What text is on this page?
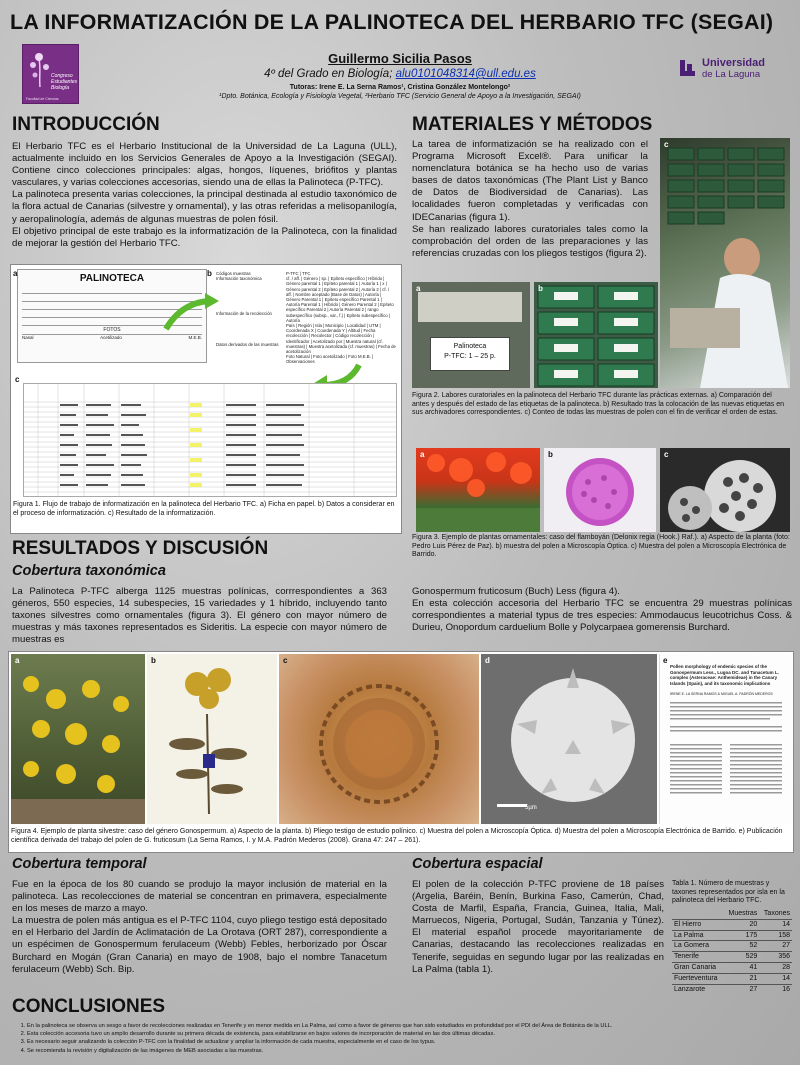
LA INFORMATIZACIÓN DE LA PALINOTECA DEL HERBARIO TFC (SEGAI)
Congreso
Estudiantes
Biología
Facultad de Ciencias
Guillermo Sicilia Pasos
4º del Grado en Biología; alu0101048314@ull.edu.es
Tutoras: Irene E. La Serna Ramos¹, Cristina González Montelongo²
¹Dpto. Botánica, Ecología y Fisiología Vegetal, ²Herbario TFC (Servicio General de Apoyo a la Investigación, SEGAI)
Universidad
de La Laguna
INTRODUCCIÓN

El Herbario TFC es el Herbario Institucional de la Universidad de La Laguna (ULL), actualmente incluido en los Servicios Generales de Apoyo a la Investigación (SEGAI). Contiene cinco colecciones principales: algas, hongos, líquenes, briófitos y plantas vasculares, y varias colecciones accesorias, siendo una de ellas la Palinoteca (P-TFC).

La palinoteca presenta varias colecciones, la principal destinada al estudio taxonómico de la flora actual de Canarias (silvestre y ornamental), y las otras referidas a melisopanilogía, y aeropalinología, además de algunas muestras de polen fósil.

El objetivo principal de este trabajo es la informatización de la Palinoteca, con la finalidad de mejorar la gestión del Herbario TFC.

PALINOTECA
FOTOS
Nasal	Acetilizado	M.E.B.
a	b Códigos muestras
Información taxonómica
Información de la recolección
Datos derivados de las muestras
P-TFC | TFC
cf. / aff. | Género | sp. | Epíteto específico | Híbrido | Género parental 1 | Epíteto parental 1 | Autoría 1 | x | Género parental 2 | Epíteto parental 2 | Autoría 2 | cf. / aff. | Nombre aceptado (Base de Datos) | Autoría | Género Parental 1 | Epíteto específico Parental 1 | Autoría Parental 1 | Híbrido | Género Parental 2 | Epíteto específico Parental 2 | Autoría Parental 2 | rango subespecífico (subsp., var., f.) | Epíteto subespecífico | Autoría
País | Región | Isla | Municipio | Localidad | UTM | Coordenada X | Coordenada Y | Altitud | Fecha recolección | Recolector | Código recolección | Identificador | Acetolizado por | Muestra natural (cf. muestras) | Muestra acetolizada (cf. muestras) | Fecha de acetolización
Foto Natural | Foto acetolizado | Foto M.E.B. | Observaciones
c
Figura 1. Flujo de trabajo de informatización en la palinoteca del Herbario TFC. a) Ficha en papel. b) Datos a considerar en el proceso de informatización. c) Resultado de la informatización.
MATERIALES Y MÉTODOS

La tarea de informatización se ha realizado con el Programa Microsoft Excel®. Para unificar la nomenclatura botánica se ha hecho uso de varias bases de datos taxonómicas (The Plant List y Banco de Datos de Biodiversidad de Canarias). Las localidades fueron completadas y verificadas con IDECanarias (figura 1).

Se han realizado labores curatoriales tales como la comprobación del orden de las preparaciones y las referencias cruzadas con los pliegos testigos (figura 2).

c
Palinoteca
P-TFC: 1 – 25 p.
a	b
Figura 2. Labores curatoriales en la palinoteca del Herbario TFC durante las prácticas externas. a) Comparación del antes y después del estado de las etiquetas de la palinoteca. b) Resultado tras la colocación de las nuevas etiquetas en sus archivadores correspondientes. c) Conteo de todas las muestras de polen con el fin de verificar el orden de estas.
a	b	c
Figura 3. Ejemplo de plantas ornamentales: caso del flamboyán (Delonix regia (Hook.) Raf.). a) Aspecto de la planta (foto: Pedro Luis Pérez de Paz). b) muestra del polen a Microscopía Óptica. c) Muestra del polen a Microscopía Electrónica de Barrido.
RESULTADOS Y DISCUSIÓN
Cobertura taxonómica
La Palinoteca P-TFC alberga 1125 muestras polínicas, corrrespondientes a 363 géneros, 550 especies, 14 subespecies, 15 variedades y 1 híbrido, incluyendo tanto taxones silvestres como ornamentales (figura 3). El género con mayor número de muestras y más taxones representados es Sideritis. La especie con mayor número de muestras es

Gonospermum fruticosum (Buch) Less (figura 4).

En esta colección accesoria del Herbario TFC se encuentra 29 muestras polínicas correspondientes a material typus de tres especies: Ammodaucus leucotrichus Coss. & Durieu, Onopordum carduelium Bolle y Polycarpaea gomerensis Burchard.

a	b	c
5µm
d
Pollen morphology of endemic species of the Gonospermum Less., Lugoa DC. and Tanacetum L. complex (Asteraceae: Anthemideae) in the Canary Islands (Spain), and its taxonomic implications
IRENE E. LA SERNA RAMOS & MIGUEL A. PADRÓN MEDEROS
e
Figura 4. Ejemplo de planta silvestre: caso del género Gonospermum. a) Aspecto de la planta. b) Pliego testigo de estudio polínico. c) Muestra del polen a Microscopía Óptica. d) Muestra del polen a Microscopía Electrónica de Barrido. e) Publicación científica derivada del trabajo del polen de G. fruticosum (La Serna Ramos, I. y M.A. Padrón Mederos (2008). Grana 47: 247 – 261).
Cobertura temporal

Fue en la época de los 80 cuando se produjo la mayor inclusión de material en la palinoteca. Las recolecciones de material se concentran en primavera, especialmente en los meses de marzo a mayo.

La muestra de polen más antigua es el P-TFC 1104, cuyo pliego testigo está depositado en el Herbario del Jardín de Aclimatación de La Orotava (ORT 287), correspondiente a un espécimen de Gonospermum ferulaceum (Webb) Febles, herborizado por Óscar Burchard en Mogán (Gran Canaria) en mayo de 1908, bajo el nombre Tanacetum ferulaceum (Webb) Sch. Bip.

Cobertura espacial
El polen de la colección P-TFC proviene de 18 países (Argelia, Baréin, Benín, Burkina Faso, Camerún, Chad, Costa de Marfil, España, Francia, Guinea, Italia, Mali, Marruecos, Nigeria, Portugal, Sudán, Tanzania y Túnez). El material español procede mayoritariamente de Canarias, destacando las recolecciones realizadas en Tenerife, seguidas en segundo lugar por las realizadas en La Palma (tabla 1).
Tabla 1. Número de muestras y taxones representados por isla en la palinoteca del Herbario TFC.
	Muestras	Taxones
El Hierro	20	14
La Palma	175	158
La Gomera	52	27
Tenerife	529	356
Gran Canaria	41	28
Fuerteventura	21	14
Lanzarote	27	16
CONCLUSIONES
1. En la palinoteca se observa un sesgo a favor de recolecciones realizadas en Tenerife y en menor medida en La Palma, así como a favor de géneros que han sido estudiados en profundidad por el PDI del Área de Botánica de la ULL.
2. Esta colección accesoria tuvo un amplio desarrollo durante su primera década de existencia, para estabilizarse en bajos valores de incorporación de material en las dos últimas décadas.
3. Es necesario seguir analizando la colección P-TFC con la finalidad de actualizar y ampliar la información de cada muestra, especialmente en el caso de los typus.
4. Se recomienda la revisión y digitalización de las imágenes de MEB asociadas a las muestras.
